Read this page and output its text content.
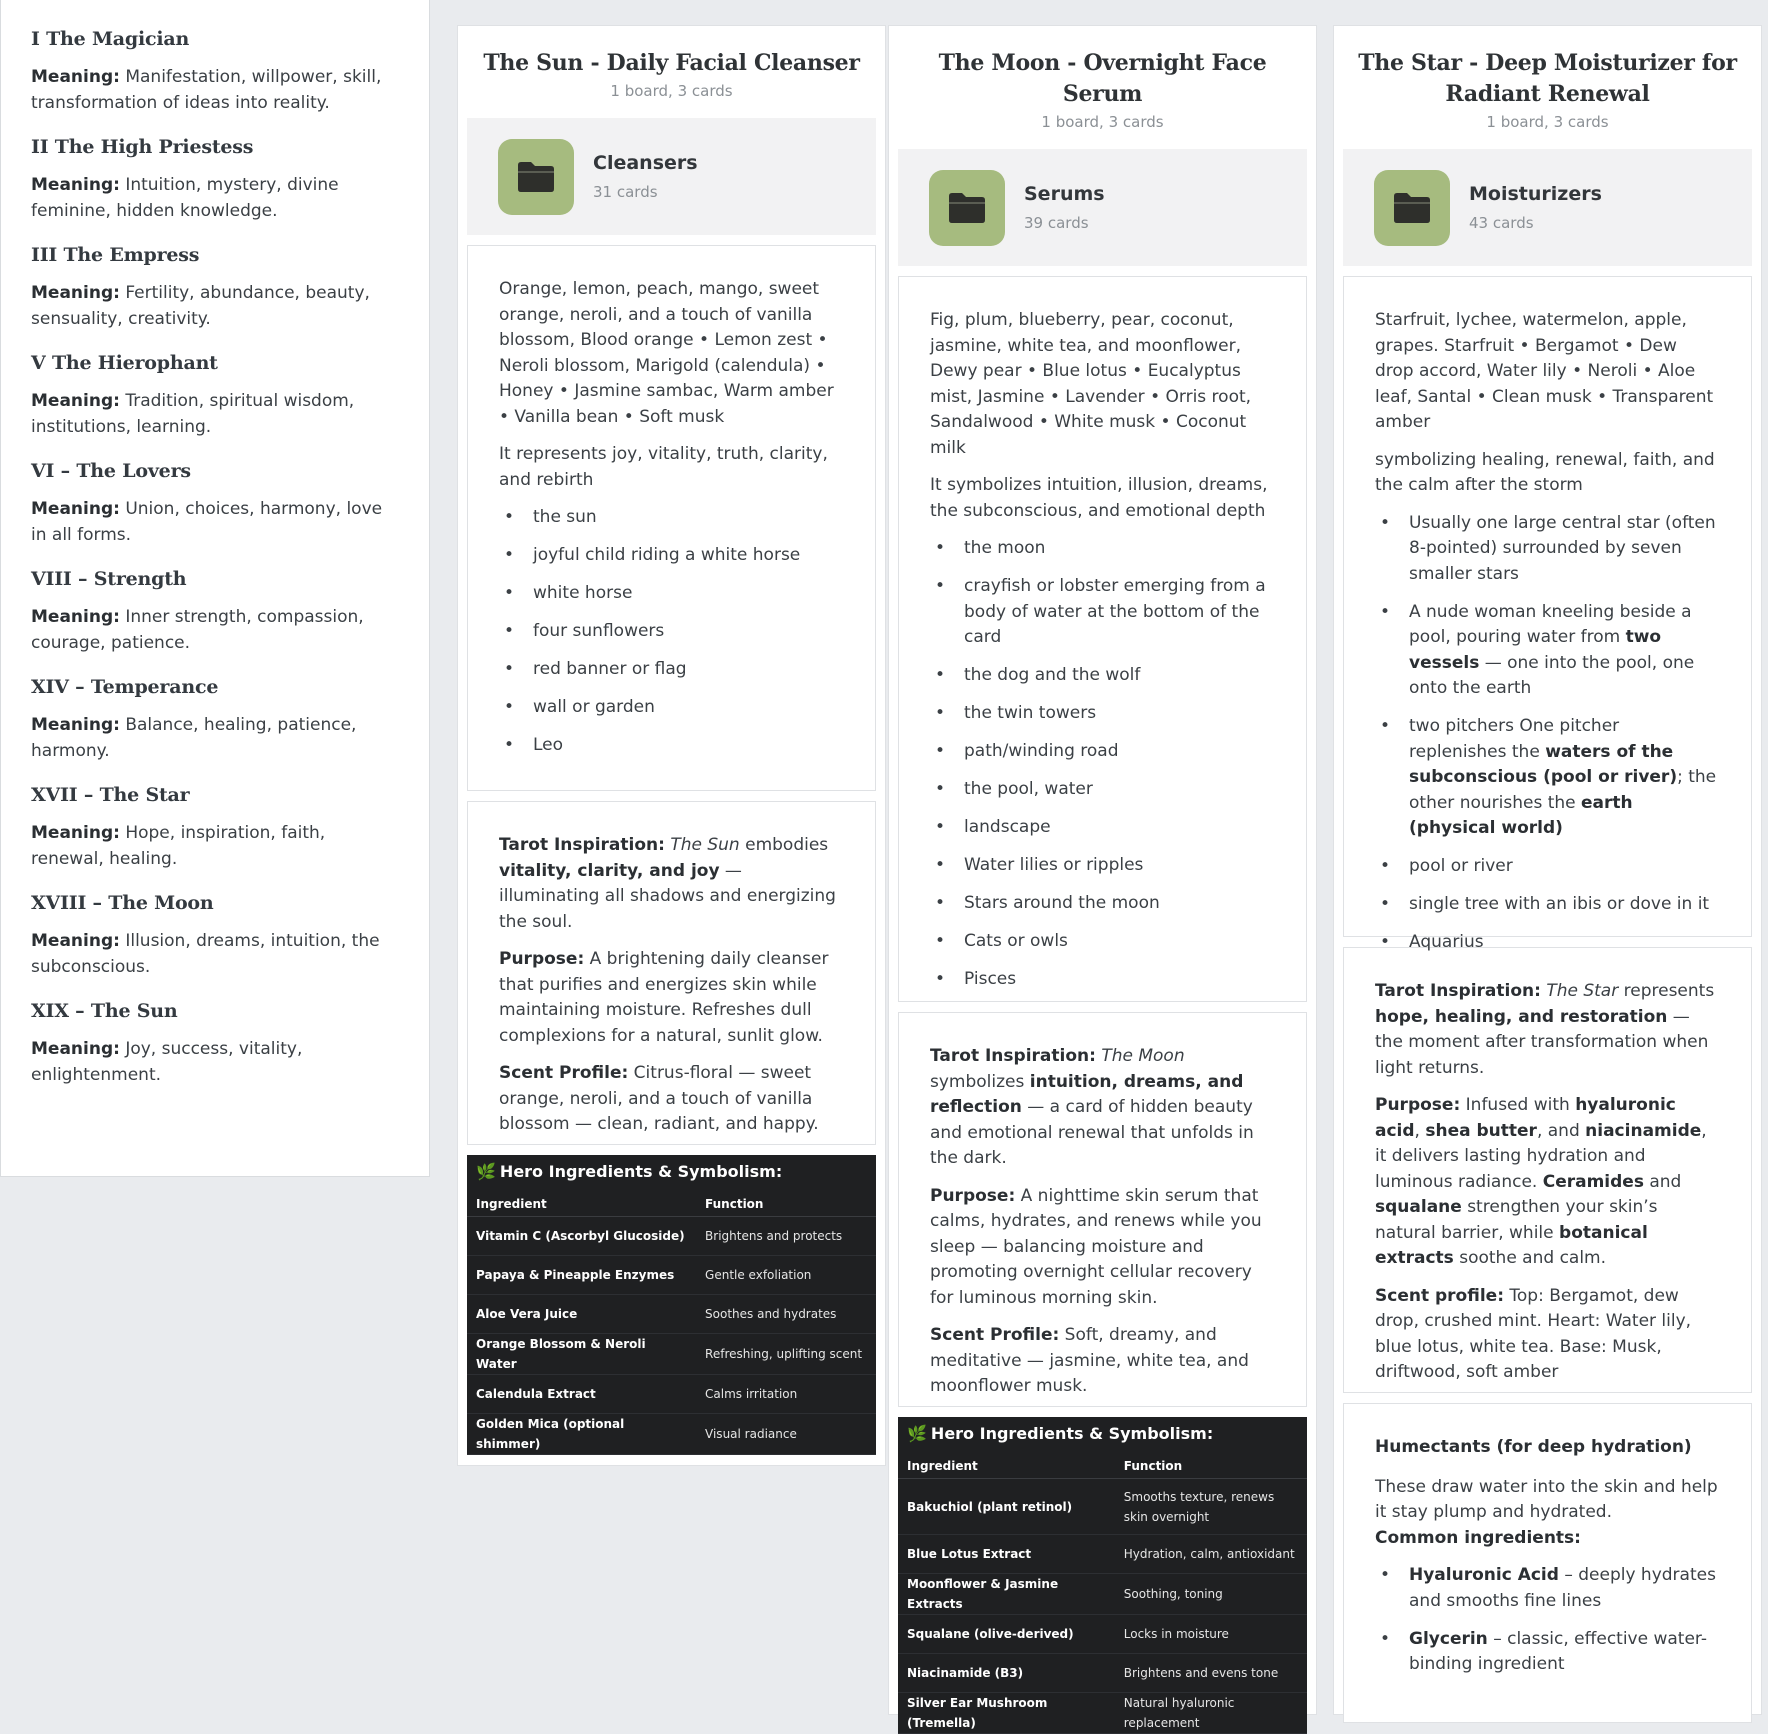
I The Magician

Meaning: Manifestation, willpower, skill, transformation of ideas into reality.

II The High Priestess

Meaning: Intuition, mystery, divine feminine, hidden knowledge.

III The Empress

Meaning: Fertility, abundance, beauty, sensuality, creativity.

V The Hierophant

Meaning: Tradition, spiritual wisdom, institutions, learning.

VI – The Lovers

Meaning: Union, choices, harmony, love in all forms.

VIII – Strength

Meaning: Inner strength, compassion, courage, patience.

XIV – Temperance

Meaning: Balance, healing, patience, harmony.

XVII – The Star

Meaning: Hope, inspiration, faith, renewal, healing.

XVIII – The Moon

Meaning: Illusion, dreams, intuition, the subconscious.

XIX – The Sun

Meaning: Joy, success, vitality, enlightenment.

The Sun - Daily Facial Cleanser
1 board, 3 cards
Cleansers
31 cards

Orange, lemon, peach, mango, sweet orange, neroli, and a touch of vanilla blossom, Blood orange • Lemon zest • Neroli blossom, Marigold (calendula) • Honey • Jasmine sambac, Warm amber • Vanilla bean • Soft musk

It represents joy, vitality, truth, clarity, and rebirth

• the sun
• joyful child riding a white horse
• white horse
• four sunflowers
• red banner or flag
• wall or garden
• Leo

Tarot Inspiration: The Sun embodies vitality, clarity, and joy — illuminating all shadows and energizing the soul.

Purpose: A brightening daily cleanser that purifies and energizes skin while maintaining moisture. Refreshes dull complexions for a natural, sunlit glow.

Scent Profile: Citrus-floral — sweet orange, neroli, and a touch of vanilla blossom — clean, radiant, and happy.

🌿 Hero Ingredients & Symbolism:
Ingredient	Function
Vitamin C (Ascorbyl Glucoside)	Brightens and protects
Papaya & Pineapple Enzymes	Gentle exfoliation
Aloe Vera Juice	Soothes and hydrates
Orange Blossom & Neroli Water	Refreshing, uplifting scent
Calendula Extract	Calms irritation
Golden Mica (optional shimmer)	Visual radiance
The Moon - Overnight Face Serum
1 board, 3 cards
Serums
39 cards

Fig, plum, blueberry, pear, coconut, jasmine, white tea, and moonflower, Dewy pear • Blue lotus • Eucalyptus mist, Jasmine • Lavender • Orris root, Sandalwood • White musk • Coconut milk

It symbolizes intuition, illusion, dreams, the subconscious, and emotional depth

• the moon
• crayfish or lobster emerging from a body of water at the bottom of the card
• the dog and the wolf
• the twin towers
• path/winding road
• the pool, water
• landscape
• Water lilies or ripples
• Stars around the moon
• Cats or owls
• Pisces

Tarot Inspiration: The Moon symbolizes intuition, dreams, and reflection — a card of hidden beauty and emotional renewal that unfolds in the dark.

Purpose: A nighttime skin serum that calms, hydrates, and renews while you sleep — balancing moisture and promoting overnight cellular recovery for luminous morning skin.

Scent Profile: Soft, dreamy, and meditative — jasmine, white tea, and moonflower musk.

🌿 Hero Ingredients & Symbolism:
Ingredient	Function
Bakuchiol (plant retinol)	Smooths texture, renews skin overnight
Blue Lotus Extract	Hydration, calm, antioxidant
Moonflower & Jasmine Extracts	Soothing, toning
Squalane (olive-derived)	Locks in moisture
Niacinamide (B3)	Brightens and evens tone
Silver Ear Mushroom (Tremella)	Natural hyaluronic replacement
The Star - Deep Moisturizer for Radiant Renewal
1 board, 3 cards
Moisturizers
43 cards

Starfruit, lychee, watermelon, apple, grapes. Starfruit • Bergamot • Dew drop accord, Water lily • Neroli • Aloe leaf, Santal • Clean musk • Transparent amber

symbolizing healing, renewal, faith, and the calm after the storm

• Usually one large central star (often 8-pointed) surrounded by seven smaller stars
• A nude woman kneeling beside a pool, pouring water from two vessels — one into the pool, one onto the earth
• two pitchers One pitcher replenishes the waters of the subconscious (pool or river); the other nourishes the earth (physical world)
• pool or river
• single tree with an ibis or dove in it
• Aquarius

Tarot Inspiration: The Star represents hope, healing, and restoration — the moment after transformation when light returns.

Purpose: Infused with hyaluronic acid, shea butter, and niacinamide, it delivers lasting hydration and luminous radiance. Ceramides and squalane strengthen your skin’s natural barrier, while botanical extracts soothe and calm.

Scent profile: Top: Bergamot, dew drop, crushed mint. Heart: Water lily, blue lotus, white tea. Base: Musk, driftwood, soft amber

Humectants (for deep hydration)

These draw water into the skin and help it stay plump and hydrated.

Common ingredients:

• Hyaluronic Acid – deeply hydrates and smooths fine lines
• Glycerin – classic, effective water-binding ingredient
